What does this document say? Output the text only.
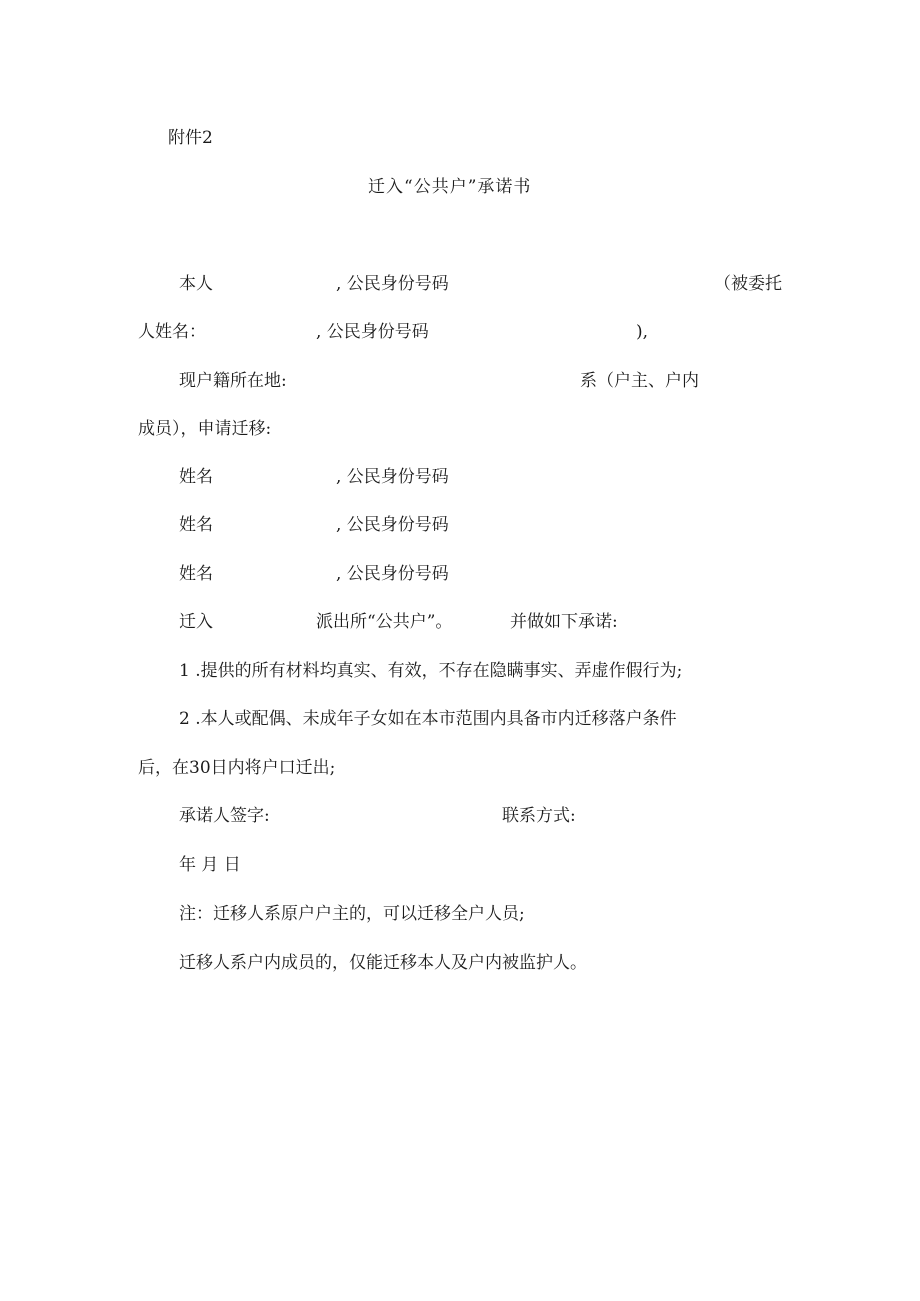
附件2
迁入“公共户”承诺书
本人	, 公民身份号码	（被委托
人姓名：	, 公民身份号码	),
现户籍所在地:	系（户主、户内
成员），申请迁移:
姓名	, 公民身份号码
姓名	, 公民身份号码
姓名	, 公民身份号码
迁入	派出所“公共户”。	并做如下承诺:
1 .提供的所有材料均真实、有效，不存在隐瞒事实、弄虚作假行为;
2 .本人或配偶、未成年子女如在本市范围内具备市内迁移落户条件
后，在30日内将户口迁出;
承诺人签字:	联系方式:
年 月 日
注：迁移人系原户户主的，可以迁移全户人员;
迁移人系户内成员的，仅能迁移本人及户内被监护人。
